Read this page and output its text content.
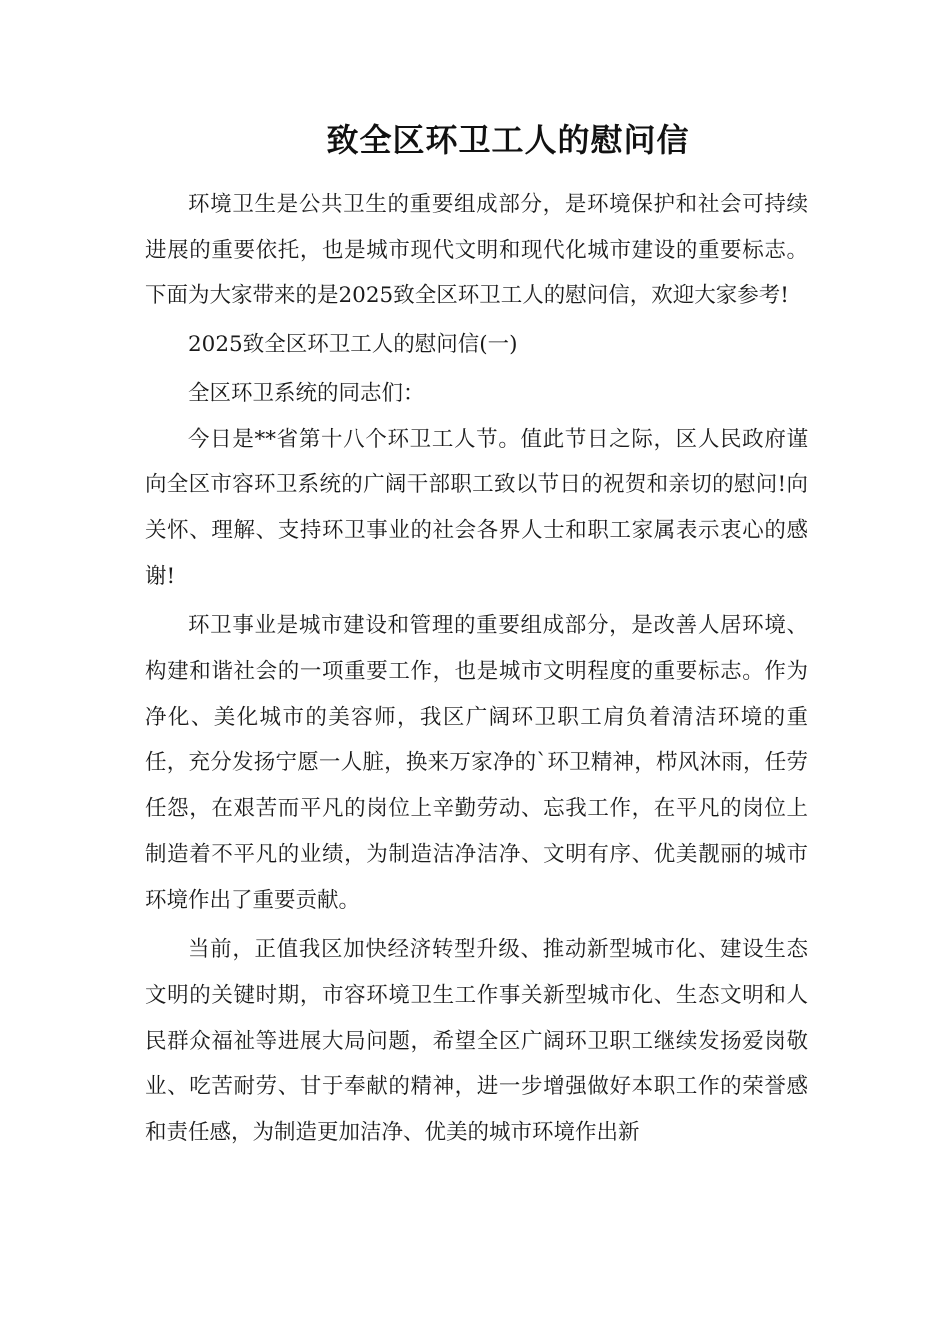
致全区环卫工人的慰问信

环境卫生是公共卫生的重要组成部分，是环境保护和社会可持续进展的重要依托，也是城市现代文明和现代化城市建设的重要标志。下面为大家带来的是2025致全区环卫工人的慰问信，欢迎大家参考!

2025致全区环卫工人的慰问信(一)

全区环卫系统的同志们：

今日是**省第十八个环卫工人节。值此节日之际，区人民政府谨向全区市容环卫系统的广阔干部职工致以节日的祝贺和亲切的慰问!向关怀、理解、支持环卫事业的社会各界人士和职工家属表示衷心的感谢!

环卫事业是城市建设和管理的重要组成部分，是改善人居环境、构建和谐社会的一项重要工作，也是城市文明程度的重要标志。作为净化、美化城市的美容师，我区广阔环卫职工肩负着清洁环境的重任，充分发扬宁愿一人脏，换来万家净的`环卫精神，栉风沐雨，任劳任怨，在艰苦而平凡的岗位上辛勤劳动、忘我工作，在平凡的岗位上制造着不平凡的业绩，为制造洁净洁净、文明有序、优美靓丽的城市环境作出了重要贡献。

当前，正值我区加快经济转型升级、推动新型城市化、建设生态文明的关键时期，市容环境卫生工作事关新型城市化、生态文明和人民群众福祉等进展大局问题，希望全区广阔环卫职工继续发扬爱岗敬业、吃苦耐劳、甘于奉献的精神，进一步增强做好本职工作的荣誉感和责任感，为制造更加洁净、优美的城市环境作出新
